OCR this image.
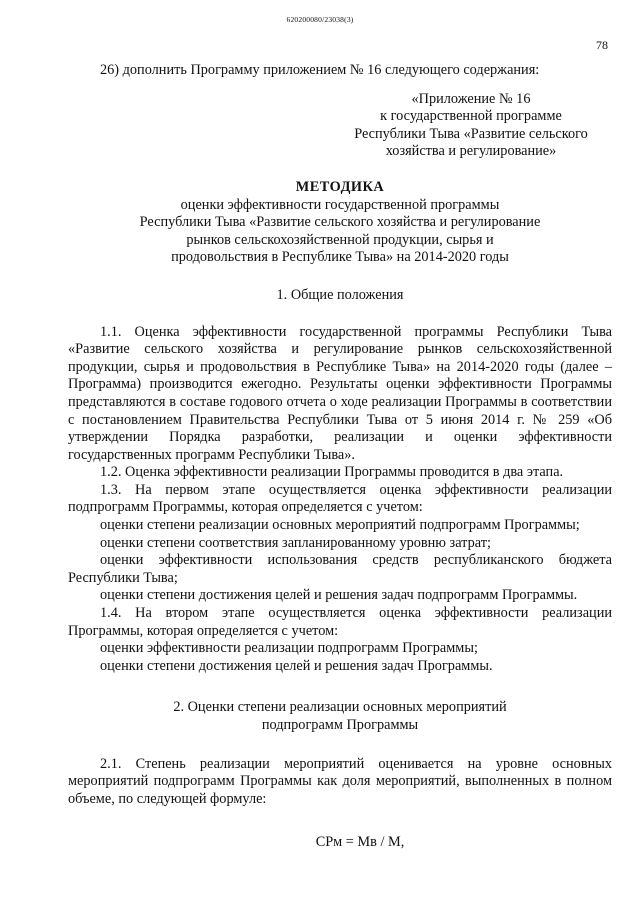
620200080/23038(3)
78

26) дополнить Программу приложением № 16 следующего содержания:

«Приложение № 16
к государственной программе
Республики Тыва «Развитие сельского
хозяйства и регулирование»
МЕТОДИКА
оценки эффективности государственной программы
Республики Тыва «Развитие сельского хозяйства и регулирование
рынков сельскохозяйственной продукции, сырья и
продовольствия в Республике Тыва» на 2014-2020 годы
1. Общие положения

1.1. Оценка эффективности государственной программы Республики Тыва «Развитие сельского хозяйства и регулирование рынков сельскохозяйственной продукции, сырья и продовольствия в Республике Тыва» на 2014-2020 годы (далее – Программа) производится ежегодно. Результаты оценки эффективности Программы представляются в составе годового отчета о ходе реализации Программы в соответствии с постановлением Правительства Республики Тыва от 5 июня 2014 г. № 259 «Об утверждении Порядка разработки, реализации и оценки эффективности государственных программ Республики Тыва».

1.2. Оценка эффективности реализации Программы проводится в два этапа.

1.3. На первом этапе осуществляется оценка эффективности реализации подпрограмм Программы, которая определяется с учетом:

оценки степени реализации основных мероприятий подпрограмм Программы;

оценки степени соответствия запланированному уровню затрат;

оценки эффективности использования средств республиканского бюджета Республики Тыва;

оценки степени достижения целей и решения задач подпрограмм Программы.

1.4. На втором этапе осуществляется оценка эффективности реализации Программы, которая определяется с учетом:

оценки эффективности реализации подпрограмм Программы;

оценки степени достижения целей и решения задач Программы.

2. Оценки степени реализации основных мероприятий
подпрограмм Программы

2.1. Степень реализации мероприятий оценивается на уровне основных мероприятий подпрограмм Программы как доля мероприятий, выполненных в полном объеме, по следующей формуле:

СРм = Мв / М,
